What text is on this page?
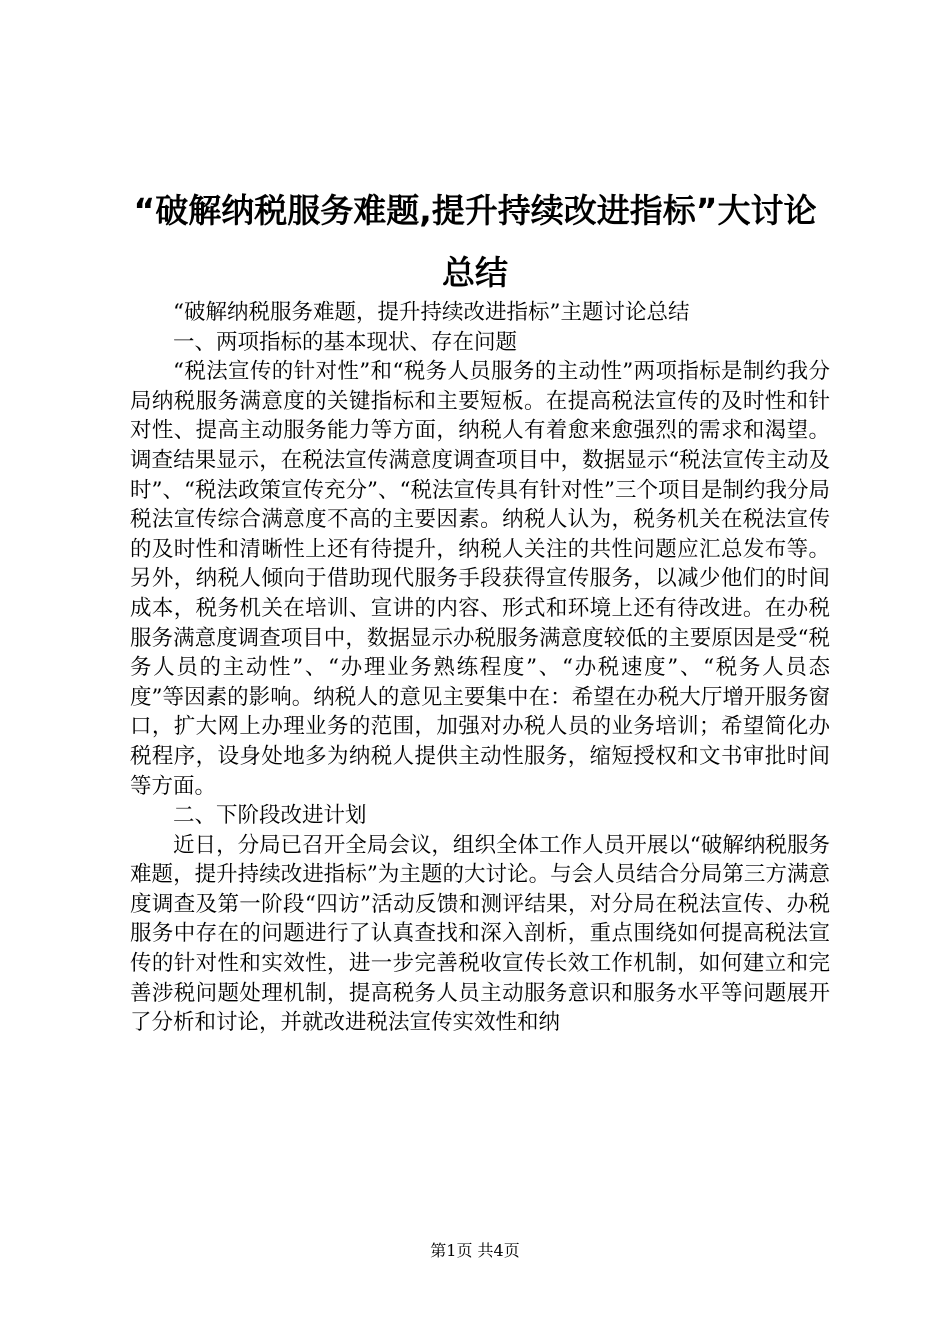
“破解纳税服务难题,提升持续改进指标”大讨论总结

“破解纳税服务难题，提升持续改进指标”主题讨论总结

一、两项指标的基本现状、存在问题

“税法宣传的针对性”和“税务人员服务的主动性”两项指标是制约我分局纳税服务满意度的关键指标和主要短板。在提高税法宣传的及时性和针对性、提高主动服务能力等方面，纳税人有着愈来愈强烈的需求和渴望。调查结果显示，在税法宣传满意度调查项目中，数据显示“税法宣传主动及时”、“税法政策宣传充分”、“税法宣传具有针对性”三个项目是制约我分局税法宣传综合满意度不高的主要因素。纳税人认为，税务机关在税法宣传的及时性和清晰性上还有待提升，纳税人关注的共性问题应汇总发布等。另外，纳税人倾向于借助现代服务手段获得宣传服务，以减少他们的时间成本，税务机关在培训、宣讲的内容、形式和环境上还有待改进。在办税服务满意度调查项目中，数据显示办税服务满意度较低的主要原因是受“税务人员的主动性”、“办理业务熟练程度”、“办税速度”、“税务人员态度”等因素的影响。纳税人的意见主要集中在：希望在办税大厅增开服务窗口，扩大网上办理业务的范围，加强对办税人员的业务培训；希望简化办税程序，设身处地多为纳税人提供主动性服务，缩短授权和文书审批时间等方面。

二、下阶段改进计划

近日，分局已召开全局会议，组织全体工作人员开展以“破解纳税服务难题，提升持续改进指标”为主题的大讨论。与会人员结合分局第三方满意度调查及第一阶段“四访”活动反馈和测评结果，对分局在税法宣传、办税服务中存在的问题进行了认真查找和深入剖析，重点围绕如何提高税法宣传的针对性和实效性，进一步完善税收宣传长效工作机制，如何建立和完善涉税问题处理机制，提高税务人员主动服务意识和服务水平等问题展开了分析和讨论，并就改进税法宣传实效性和纳

第1页 共4页
